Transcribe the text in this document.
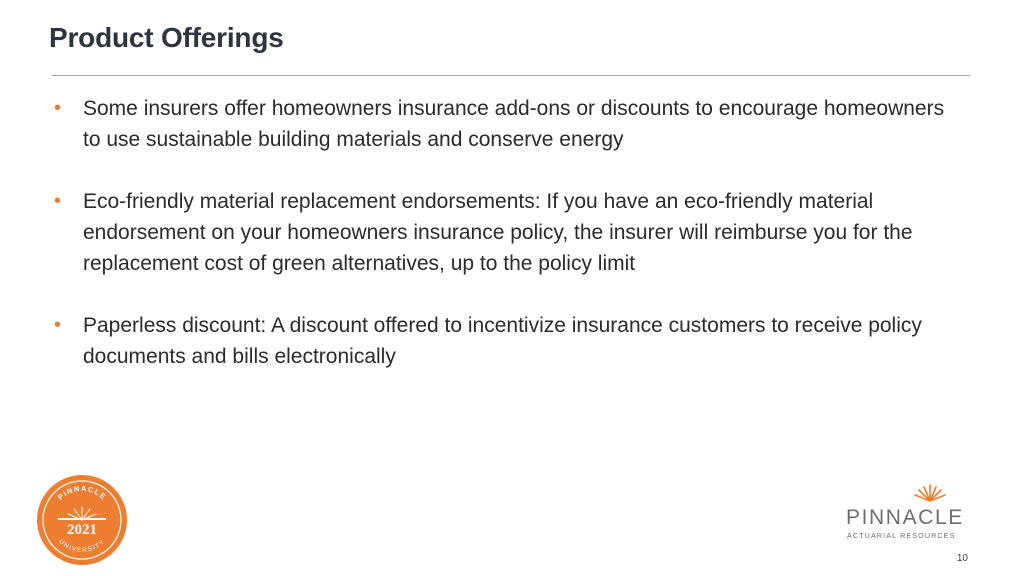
Product Offerings
• Some insurers offer homeowners insurance add-ons or discounts to encourage homeowners to use sustainable building materials and conserve energy
• Eco-friendly material replacement endorsements: If you have an eco-friendly material endorsement on your homeowners insurance policy, the insurer will reimburse you for the replacement cost of green alternatives, up to the policy limit
• Paperless discount: A discount offered to incentivize insurance customers to receive policy documents and bills electronically
PINNACLE
2021
UNIVERSITY
PINNACLE
ACTUARIAL RESOURCES
10
